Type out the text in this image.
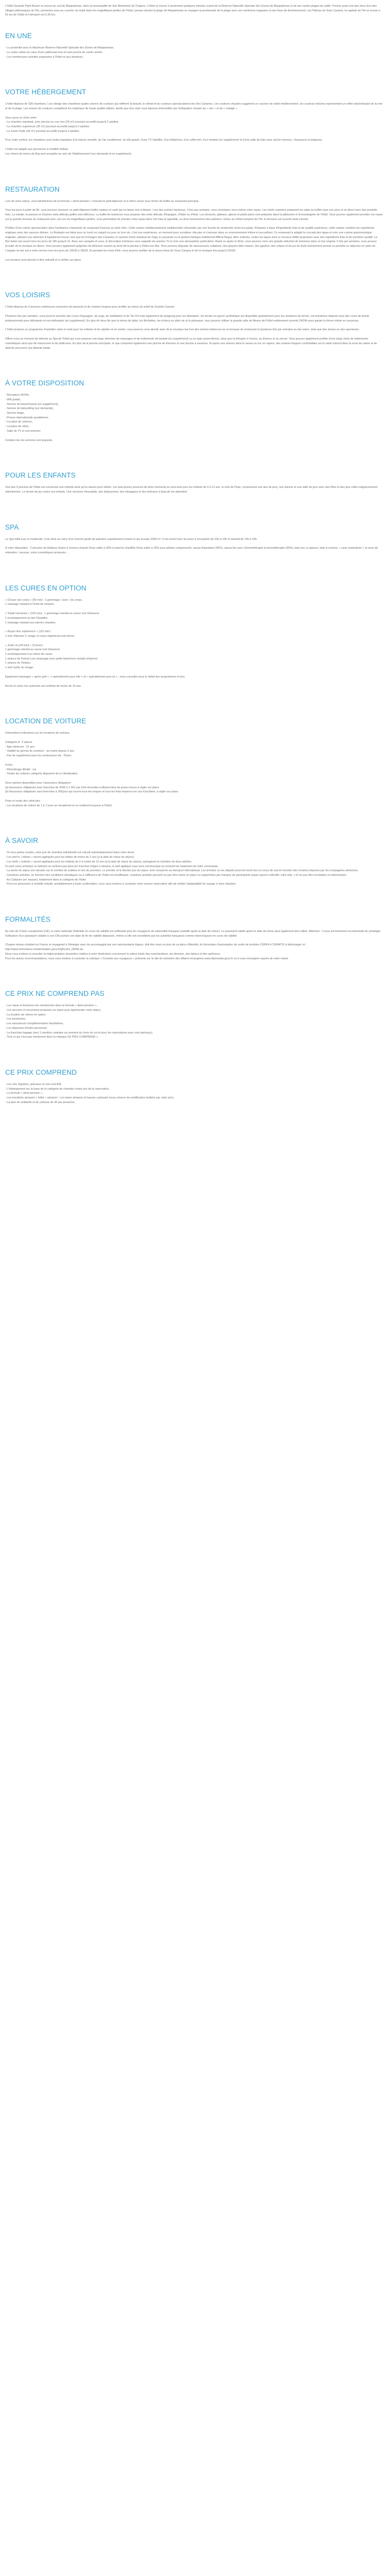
L'hôtel Seaside Palm Beach se trouve au sud de Maspalomas, dans la municipalité de San Bartolomé de Tirajana. L'hôtel se trouve à seulement quelques minutes à pied de la Réserve Naturelle Spéciale des Dunes de Maspalomas et de ses vastes plages de sable. Proche aussi une des lieux d'un des villages pittoresques de l'île, promenez-vous au coucher du soleil dans les magnifiques jardins de l'hôtel, pensez devant la plage de Maspalomas ou voyagez la promenade de la plage avec ses nombreux magasins et ses lieux de divertissement. Las Palmas de Gran Canaria, la capitale de l'île se trouve à 61 km de l'hôtel et l'aéroport est à 36 km.

EN UNE
- La proximité avec la fabuleuse Réserve Naturelle Spéciale des Dunes de Maspalomas.
- Le cadre calme au cœur d'une palmeraie tout en tant proche du centre animé.
- Les nombreuses activités proposées à l'hôtel et aux alentours.
VOTRE HÉBERGEMENT

L'hôtel dispose de 328 chambres. Leur design des chambres quatre univers de couleurs qui reflètent la beauté, le climat et les couleurs spectaculaires des îles Canaries. Les couleurs chaudes suggèrent un coucher de soleil méditerranéen, les couleurs fraîches représentent un reflet rafraîchissant de la mer et de la plage. Les univers de couleurs complètent les matériaux de haute qualité utilisés, tandis que leur style vous laissera émerveillés par l'intégration réussie du « neo » et du « vintage ».

Vous aurez le choix entre :
- La chambre standard, avec piscine ou vue mer (25 m²) pouvant accueillir jusqu'à 2 adultes.
- La chambre supérieure (35 m²) pouvant accueillir jusqu'à 3 adultes.
- La Junior Suite (34 m²) pouvant accueillir jusqu'à 3 adultes.

Pour votre confort, les chambres sont toutes équipées d'un balcon meublé, de l'air conditionné, du wifi gratuit, d'une TV Satellite, d'un téléphone, d'un coffre-fort, d'un minibar (en supplément) et d'une salle de bain avec sèche-cheveux, chaussons et peignoirs.

L'hôtel est adapté aux personnes à mobilité réduite.
Les chiens de moins de 5kg sont acceptés au sein de l'établissement (sur demande et en supplément).

RESTAURATION

Lors de votre séjour, vous bénéficierez de la formule « demi-pension » incluant le petit-déjeuner et le dîner servis sous forme de buffet au restaurant principal.

Tous les jours à partir de 8h, vous pourrez savourer un petit-déjeuner buffet copieux et varié qui se laisse rien à désirer. Lors des soirées barbecue, 3 fois par semaine, vous choisissez vous-même votre repas. Les chefs cuisiniers préparent les plats au buffet sous vos yeux et en direct avec des produits frais. La viande, le poisson et d'autres mets délicats grillés sont délicieux. La buffet de barbecue vous propose des mets délicats d'Espagne, d'Italie ou d'Asie. Les desserts, gâteaux, glaces et petits pains sont préparés dans la pâtisserie et la boulangerie de l'hôtel. Vous pourrez également prendre vos repas sur la grande terrasse du restaurant avec vue sur les magnifiques jardins, vous permettant de prendre votre repas dans l'air frais et agréable, au doux bruissement des palmiers. Grâce au climat tempéré de l'île, la terrasse est ouverte toute l'année.

Profitez d'une soirée spectaculaire dans l'ambiance charmante du restaurant Esencia au style rétro. Cette cuisine méditerranéenne traditionnelle réinventée par une touche de modernité ravira les palais. Préparés à base d'ingrédients frais et de qualité supérieure, cette cuisine combine les ingrédients originaux avec des saveurs divines. Le Bodegón est idéal pour un lunch en regard ou pour un bon vin, c'est une expérience, un moment pour socialiser, discuter et s'amuser dans un environnement intime et accueillant. Ce restaurant à adapté le concept des tapas et crée une cuisine gastronomique originale, utilisant une sélection d'ingrédients locaux, tels que les fromages des Canaries, le saumon fumé artisanal de l'Iago à Lanzarote ou le jambon ibérique traditionnel Affinal Negra. Bien entendu, toutes les tapas sont un heureux défilé proposées avec des ingrédients frais et de première qualité. Le Bar-Salon est ouvert tous les jours de 18h jusqu'à 1h. Avec ses canapés et vous, le décoration intérieure vous rappelle les années 70 et crée une atmosphère particulière. Avant ou après le dîner, vous pourrez vivre une grande sélection de boissons dans ce bar original. 6 fois par semaine, vous pouvez écouter de la musique en direct. Vous pourrez également grignoter de délicieux snacks au bord de la piscine à l'hôtel son Bar. Vous pourrez déguster de savoureuses collations, des glaçons faits maison, des gaufres, des crêpes et du jus de fruits fraîchement pressé ou prendre un déjeuner en plein air. L'équipe du bar est à votre service tous les jours de 10h30 à 18h30. Et pendant les mois d'été, vous pourrez profiter de la douce brise de Gran Canaria et de la musique live jusqu'à 22h30.

Les horaires sont donnés à titre indicatif et à vérifier sur place.

VOS LOISIRS

L'hôtel dispose de 4 piscines extérieures entourées de parasols et de chaises longues pour profiter au mieux du soleil de Grande Canarie.

Plusieurs fois par semaine, vous pourrez prendre des cours d'aquagym, de yoga, de méditation et de Tai Chi mais également de pingpong pour les débutants. Un terrain en gazon synthétique est disponible gratuitement pour les amateurs de tennis, est entraîneur disposé pour des cours de tennis professionnels pour débutants et non-débutants (en supplément). En plus de deux lits que le tennis de table, les fléchettes, les échecs en plein air et le pétanque, vous pourrez utiliser la grande salle de fitness de l'hôtel entièrement ouverte 24/24h pour garder la forme même en vacances.

L'hôtel propose un programme d'activités varié et varié pour les enfants et les adultes et en soirée, vous pourrez vous divertir avec de la musique live lors des soirées barbecue sur la terrasse du restaurant et plusieurs fois par semaine au bar-salon, ainsi que des shows ou des spectacles.

Offrez-vous un moment de détente au Spa de l'hôtel qui vous propose une large sélection de massages et de traitements de beauté (en supplément) ou un bain sauna finnois, ainsi que la thérapie à l'ozone, au thymus et au sérum. Vous pouvez également profiter d'une large choix de traitements cosmétiques ainsi que de manucures et de pédicures. En plus de la piscine principale, le spa comprend également une piscine de thermes et une piscine à saumure. Et après une séance dans le sauna ou sur un vapeur, des chaises longues confortables sur le salon naturel dans la zone de calme et de détente procurent une détente totale.

À VOTRE DISPOSITION

- Réception 24/24h,
- Wifi gratuit,
- Service de blanchisserie (en supplément),
- Service de babysitting (sur demande),
- Service étage,
- Presse internationale quotidienne,
- Location de voitures,
- Location de vélos,
- Salle de TV et coin internet.

Certains de ces services sont payants.

POUR LES ENFANTS

Une des 4 piscines de l'hôtel est conservée aux enfants ainsi qu'un bassin pour bébés. Les plus jeunes pourront de bons moments au mini-club pour les enfants de 4 à 12 ans, le club de Pepe, comprenant une aire de jeux, une piscine et une salle de jeux avec des films et des jeux vidéo soigneusement sélectionnés. Le terrain de jeu ravira vos enfants. Une structure d'escalade, des balançoires, des toboggans et des animaux à bascule les attendent.

SPA

Le Spa mille luxe et modernité, il est situé au cœur d'un enorme jardin de palmiers superbement éclairé et qui occupe 2000 m². Il est ouvert tous les jours à l'exception de 10h à 19h et samedi de 10h à 19h.

À votre disposition : 2 piscines de thalasso (bains à remous chauds d'eau salée à 30% et piscine chauffée d'eau salée à 33% pour adultes uniquement), sauna finlandaise (90%), sauna bio avec chromothérapie et aromathérapie (60%), bain turc à vapeurs, bain à remous, « cave respiratoire » et zone de relaxation. Laussaz, soins cosmétiques proposés...

LES CURES EN OPTION

« Choyer son corps » (55 min) : 1 gommage « luxe » du corps,
1 massage relaxant à l'huile de sésame.

« Totale harmonie » (120 min) : 1 gommage oriental au savon noir Ghassoul
1 enveloppement au lait Cléopâtre
1 massage relaxant aux pierres chaudes.

« Royal citric expérience » (110 min) :
1 soin Vitamine C visage et corps régénérant anti-stress.

« Juste un p'tit bout » (3 jours) :
1 gommage oriental au savon noir Ghassoul
1 enveloppement à la crème de cacao
1 séance de Pamai-Luur (massage avec petits balochons remplis d'épices)
1 séance de Shiatsu
1 soin hydro du visage.

Également packages « après golf », « spécialement pour elle » et « spécialement pour lui » : nous consulter pour le détail des programmes et prix.

Accès et soins non autorisés aux enfants de moins de 16 ans.

LOCATION DE VOITURE

Informations indicatives sur les locations de voitures.

Catégorie A : 5 places
- Âge minimum : 21 ans
- Validité du permis de conduire : au moins depuis 2 ans
- Pas de supplément pour les conducteurs de - 25ans.

Inclus :
- Kilométrage illimité : oui
- Toutes les voitures catégorie disposent de la climatisation.

Deux options disponibles pour l'assurance obligatoire :
(a) Assurance obligatoire avec franchise de 300€ à 1 061 par (Vol+incendie+collision+tiers de grave inclus) à régler sur place.
(b) Assurance obligatoire sans franchise à 25€/jour qui couvre tous les risques et tous les frais imprévus en cas d'accident, à régler sur place.

Prise et rendu des véhicules :
- Les locations de voiture de 1 à 7 jours se récupèrent et se restituent toujours à l'hôtel.

À SAVOIR

- Si vous partez seul(e), votre prix de chambre individuelle est calculé automatiquement dans votre devis.
- Les lard fs « bébés » seront appliqués pour les bébés de moins de 2 ans (à la date de retour du séjour).
- Les tarifs « enfants » seront appliqués pour les enfants de 2 à moins de 12 ans (à la date de retour du séjour), partageant la chambre de deux adultes.
Si votre (vos) enfant(s) ou bébé(s) ne rentrent pas dans les tranches d'âges ci-dessus, le tarif appliqué vous sera communiqué au moment de traitement de votre commande.
- La durée du séjour est calculée sur le nombre de nuitées et non de journées. Le premier et le dernier jour du séjour sont consacrés au transport international. Les arrivées ou les départs pourront avoir lieu en cours de nuit en fonction des horaires imposés par les compagnies aériennes.
- Certaines activités, ou fonction des conditions climatiques ou à l'affluence de l'hôtel est insuffisante, certaines activités peuvent ne pas être mises en place ou supprimées par manque de participants requis (sports collectifs, mini-club...) et ne pas être recréables et indemnisées.
- Au Cadastre (en hausse), totalement dans la catégorie de l'hôtel
- Pour les personnes à mobilité réduite, préalablement à toute confirmation, nous vous invitons à contacter notre service réservation afin de vérifier l'adaptabilité du voyage à votre situation.

FORMALITÉS

Au sein de l'Union européenne (UE), la carte nationale d'identité en cours de validité est suffisante pour les voyageurs de nationalité française (validité après la date de retour). Le passeport valide après la date de retour peut également être utilisé. Attention : il vous est fortement recommandé de privilégier l'utilisation d'un passeport valable à une CNI portant une date de fin de validité dépassée, même si elle est considérée par les autorités françaises comme étant toujours en cours de validité.

Chaque réseau résidant en France et voyageant à l'étranger avec de accompagné par ses représentants légaux, doit être muni en plus de sa pièce d'identité, du formulaire d'autorisation de sortie de territoire CERFA n°15646*01 à télécharger ici : http://www.formulaires.modernisation.gouv.fr/gf/cerfa_15646.do.
Nous vous invitons à consulter la réglementation douanière relative à votre destination concernant la valeur totale des marchandises, les denrées, des tabacs et des spiritueux.
Pour les autres recommandations, nous vous invitons à consulter la rubrique « Conseils aux voyageurs » présente sur le site du ministère des affaires étrangères www.diplomatie.gouv.fr ou à vous renseigner auprès de votre mairie.

CE PRIX NE COMPREND PAS

- Les repas et boissons non mentionnés dans la formule « demi-pension »,
- Les services et excursions proposés sur place pour agrémenter votre séjour,
- La location de voiture en option,
- Les pourboires,
- Les assurances complémentaires facultatives,
- Les dépenses d'ordre personnel,
- La franchise bagage (seul 1 mention contraire au moment du choix du vol et pour les réservations avec vols spéciaux),
- Tout ce qui n'est pas mentionné dans la rubrique CE PRIX COMPREND ».

CE PRIX COMPREND

- Les vols réguliers, spéciaux ou low-cost A/R,
- L'hébergement sur la base de la catégorie de chambre choisi lors de la réservation,
- La formule « demi-pension »,
- Les transferts aéroport > hôtel > aéroport : Les taxes aéroport et hausse carburant (sous réserve de modification tarifaire par votre prix),
- La taxe de solidarité et de carbone de 3€ par personne,
